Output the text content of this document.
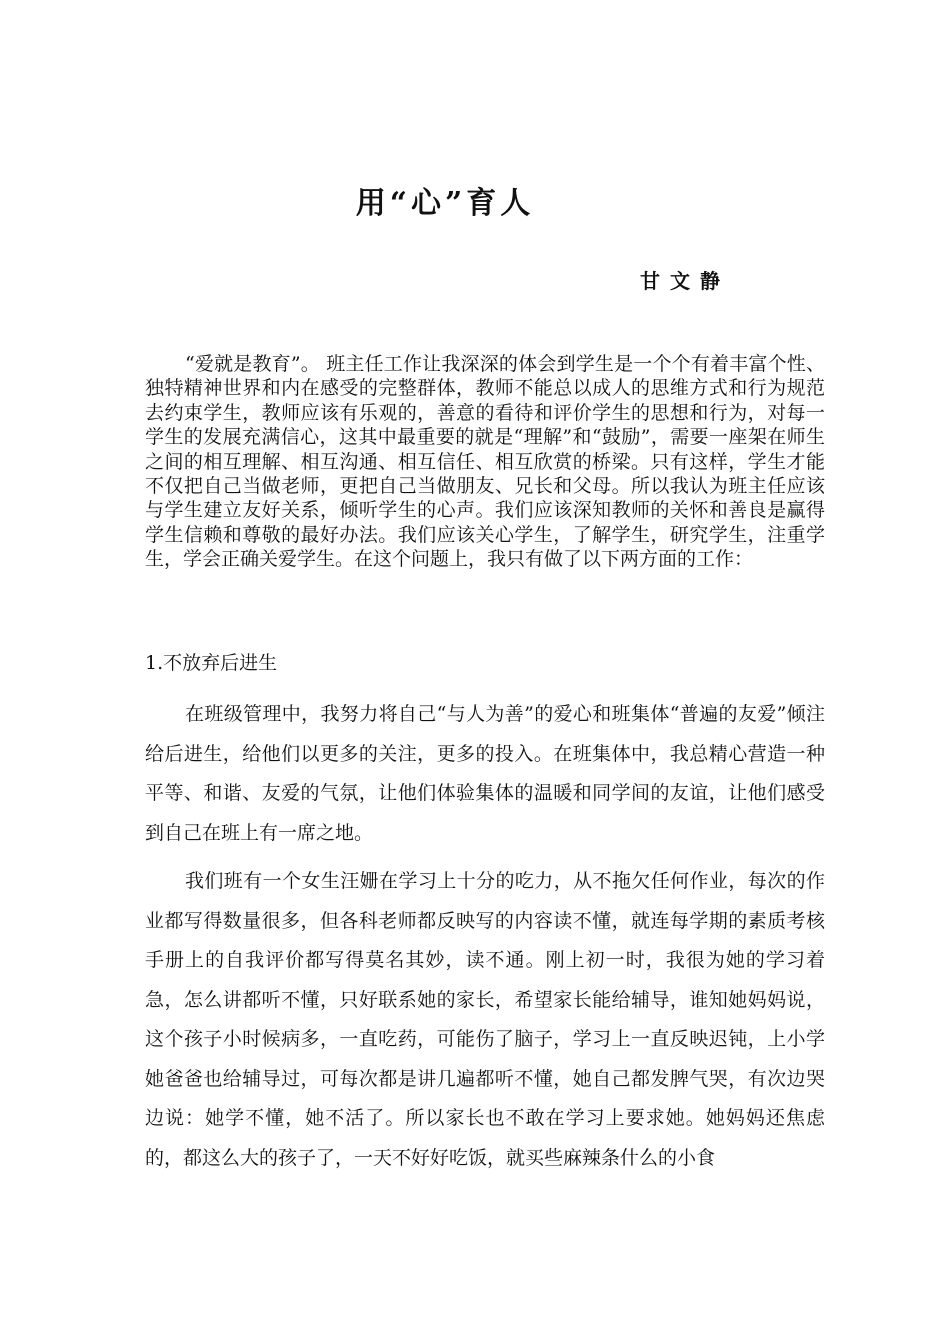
用“心”育人
甘文静

“爱就是教育”。 班主任工作让我深深的体会到学生是一个个有着丰富个性、独特精神世界和内在感受的完整群体，教师不能总以成人的思维方式和行为规范去约束学生，教师应该有乐观的，善意的看待和评价学生的思想和行为，对每一学生的发展充满信心，这其中最重要的就是“理解”和“鼓励”，需要一座架在师生之间的相互理解、相互沟通、相互信任、相互欣赏的桥梁。只有这样，学生才能不仅把自己当做老师，更把自己当做朋友、兄长和父母。所以我认为班主任应该与学生建立友好关系，倾听学生的心声。我们应该深知教师的关怀和善良是赢得学生信赖和尊敬的最好办法。我们应该关心学生，了解学生，研究学生，注重学生，学会正确关爱学生。在这个问题上，我只有做了以下两方面的工作：

1.不放弃后进生

在班级管理中，我努力将自己“与人为善”的爱心和班集体“普遍的友爱”倾注给后进生，给他们以更多的关注，更多的投入。在班集体中，我总精心营造一种平等、和谐、友爱的气氛，让他们体验集体的温暖和同学间的友谊，让他们感受到自己在班上有一席之地。

我们班有一个女生汪姗在学习上十分的吃力，从不拖欠任何作业，每次的作业都写得数量很多，但各科老师都反映写的内容读不懂，就连每学期的素质考核手册上的自我评价都写得莫名其妙，读不通。刚上初一时，我很为她的学习着急，怎么讲都听不懂，只好联系她的家长，希望家长能给辅导，谁知她妈妈说，这个孩子小时候病多，一直吃药，可能伤了脑子，学习上一直反映迟钝，上小学她爸爸也给辅导过，可每次都是讲几遍都听不懂，她自己都发脾气哭，有次边哭边说：她学不懂，她不活了。所以家长也不敢在学习上要求她。她妈妈还焦虑的，都这么大的孩子了，一天不好好吃饭，就买些麻辣条什么的小食
